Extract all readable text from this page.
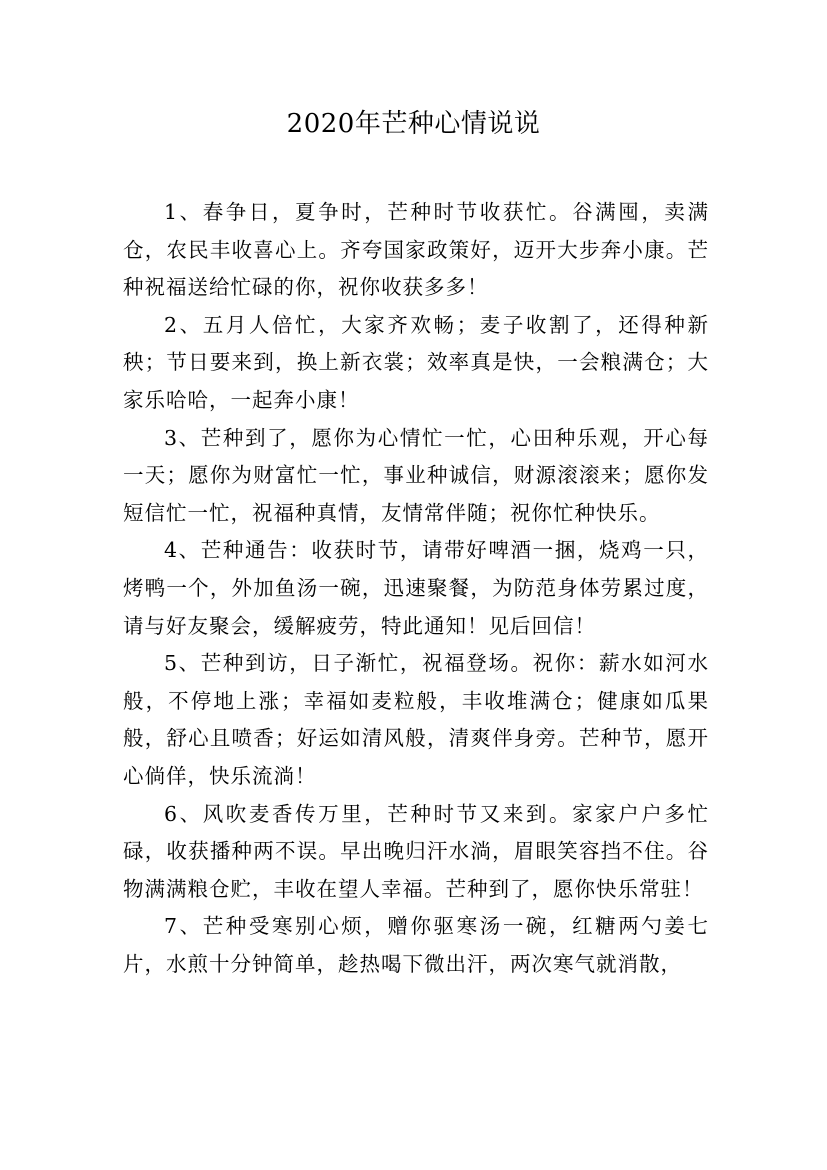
2020年芒种心情说说

1、春争日，夏争时，芒种时节收获忙。谷满囤，卖满仓，农民丰收喜心上。齐夸国家政策好，迈开大步奔小康。芒种祝福送给忙碌的你，祝你收获多多！

2、五月人倍忙，大家齐欢畅；麦子收割了，还得种新秧；节日要来到，换上新衣裳；效率真是快，一会粮满仓；大家乐哈哈，一起奔小康！

3、芒种到了，愿你为心情忙一忙，心田种乐观，开心每一天；愿你为财富忙一忙，事业种诚信，财源滚滚来；愿你发短信忙一忙，祝福种真情，友情常伴随；祝你忙种快乐。

4、芒种通告：收获时节，请带好啤酒一捆，烧鸡一只，烤鸭一个，外加鱼汤一碗，迅速聚餐，为防范身体劳累过度，请与好友聚会，缓解疲劳，特此通知！见后回信！

5、芒种到访，日子渐忙，祝福登场。祝你：薪水如河水般，不停地上涨；幸福如麦粒般，丰收堆满仓；健康如瓜果般，舒心且喷香；好运如清风般，清爽伴身旁。芒种节，愿开心倘佯，快乐流淌！

6、风吹麦香传万里，芒种时节又来到。家家户户多忙碌，收获播种两不误。早出晚归汗水淌，眉眼笑容挡不住。谷物满满粮仓贮，丰收在望人幸福。芒种到了，愿你快乐常驻！

7、芒种受寒别心烦，赠你驱寒汤一碗，红糖两勺姜七片，水煎十分钟简单，趁热喝下微出汗，两次寒气就消散，
